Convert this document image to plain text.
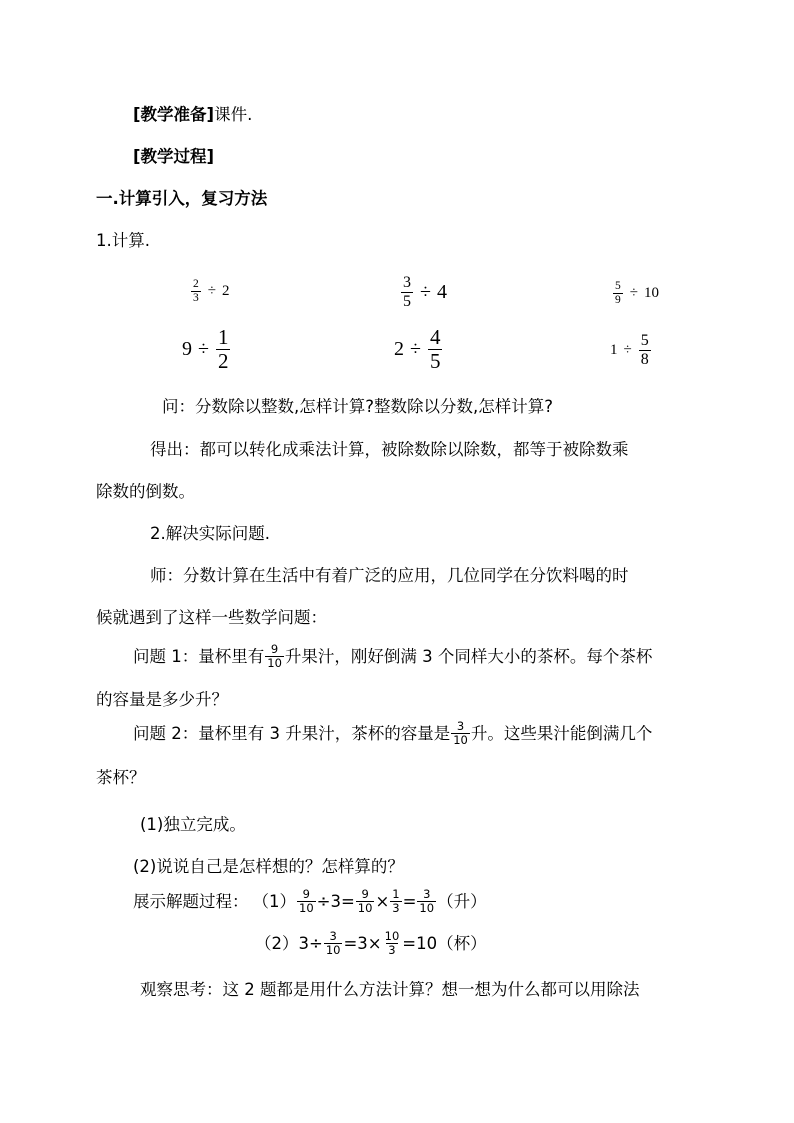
[教学准备]课件.
[教学过程]
一.计算引入，复习方法
1.计算.
$\frac{2}{3} \div 2$	$\frac{3}{5} \div 4$	$\frac{5}{9} \div 10$
$9 \div \frac{1}{2}$	$2 \div \frac{4}{5}$	$1 \div \frac{5}{8}$
问：分数除以整数,怎样计算?整数除以分数,怎样计算?
得出：都可以转化成乘法计算，被除数除以除数，都等于被除数乘
除数的倒数。
2.解决实际问题.
师：分数计算在生活中有着广泛的应用，几位同学在分饮料喝的时
候就遇到了这样一些数学问题：
问题 1：量杯里有 $\frac{9}{10}$ 升果汁，刚好倒满 3 个同样大小的茶杯。每个茶杯
的容量是多少升？
问题 2：量杯里有 3 升果汁，茶杯的容量是 $\frac{3}{10}$ 升。这些果汁能倒满几个
茶杯？
(1)独立完成。
(2)说说自己是怎样想的？怎样算的？
展示解题过程： $(1) \frac{9}{10} \div 3= \frac{9}{10} \times \frac{1}{3} = \frac{3}{10}$ （升）
（2） $3\div \frac{3}{10} =3\times \frac{10}{3} =10$（杯）
观察思考：这 2 题都是用什么方法计算？想一想为什么都可以用除法
